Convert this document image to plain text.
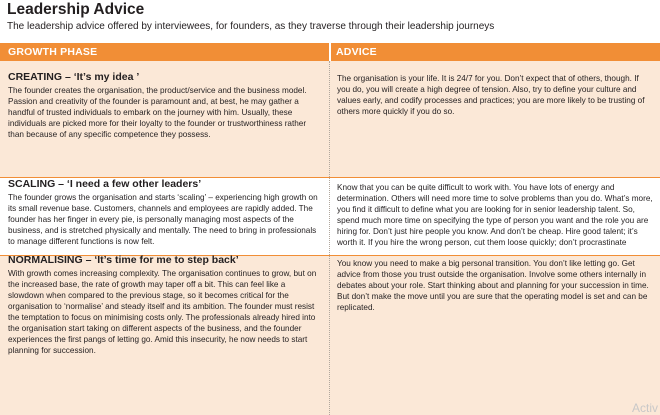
Leadership Advice
The leadership advice offered by interviewees, for founders, as they traverse through their leadership journeys
GROWTH PHASE	ADVICE
CREATING – ‘It’s my idea ’
The founder creates the organisation, the product/service and the business model. Passion and creativity of the founder is paramount and, at best, he may gather a handful of trusted individuals to embark on the journey with him. Usually, these individuals are picked more for their loyalty to the founder or trustworthiness rather than because of any specific competence they possess.
The organisation is your life. It is 24/7 for you. Don’t expect that of others, though. If you do, you will create a high degree of tension. Also, try to define your culture and values early, and codify processes and practices; you are more likely to be trusting of others more quickly if you do so.
SCALING – ‘I need a few other leaders’
The founder grows the organisation and starts ‘scaling’ – experiencing high growth on its small revenue base. Customers, channels and employees are rapidly added. The founder has her finger in every pie, is personally managing most aspects of the business, and is stretched physically and mentally. The need to bring in professionals to manage different functions is now felt.
Know that you can be quite difficult to work with. You have lots of energy and determination. Others will need more time to solve problems than you do. What’s more, you find it difficult to define what you are looking for in senior leadership talent. So, spend much more time on specifying the type of person you want and the role you are hiring for. Don’t just hire people you know. And don’t be cheap. Hire good talent; it’s worth it. If you hire the wrong person, cut them loose quickly; don’t procrastinate
NORMALISING – ‘It’s time for me to step back’
With growth comes increasing complexity. The organisation continues to grow, but on the increased base, the rate of growth may taper off a bit. This can feel like a slowdown when compared to the previous stage, so it becomes critical for the organisation to ‘normalise’ and steady itself and its ambition. The founder must resist the temptation to focus on minimising costs only. The professionals already hired into the organisation start taking on different aspects of the business, and the founder experiences the first pangs of letting go. Amid this insecurity, he now needs to start planning for succession.
You know you need to make a big personal transition. You don’t like letting go. Get advice from those you trust outside the organisation. Involve some others internally in debates about your role. Start thinking about and planning for your succession in time. But don’t make the move until you are sure that the operating model is set and can be replicated.
Activ
